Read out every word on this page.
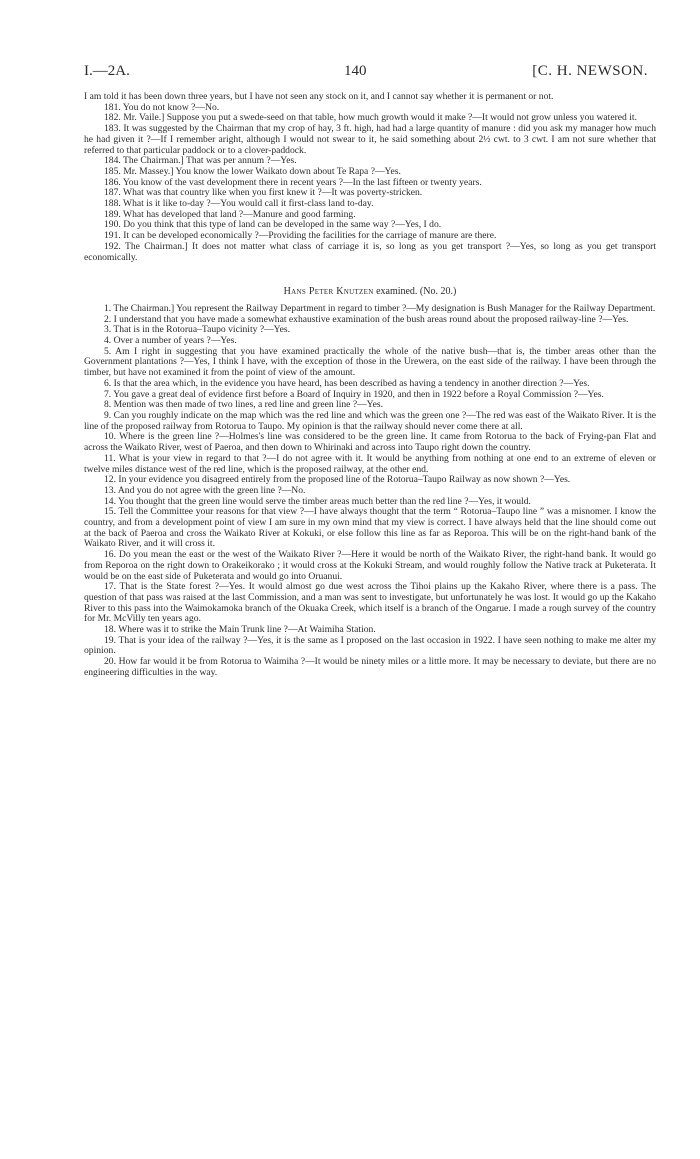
I.—2A.	140	[C. H. NEWSON.

I am told it has been down three years, but I have not seen any stock on it, and I cannot say whether it is permanent or not.

181. You do not know ?—No.

182. Mr. Vaile.] Suppose you put a swede-seed on that table, how much growth would it make ?—It would not grow unless you watered it.

183. It was suggested by the Chairman that my crop of hay, 3 ft. high, had had a large quantity of manure : did you ask my manager how much he had given it ?—If I remember aright, although I would not swear to it, he said something about 2½ cwt. to 3 cwt. I am not sure whether that referred to that particular paddock or to a clover-paddock.

184. The Chairman.] That was per annum ?—Yes.

185. Mr. Massey.] You know the lower Waikato down about Te Rapa ?—Yes.

186. You know of the vast development there in recent years ?—In the last fifteen or twenty years.

187. What was that country like when you first knew it ?—It was poverty-stricken.

188. What is it like to-day ?—You would call it first-class land to-day.

189. What has developed that land ?—Manure and good farming.

190. Do you think that this type of land can be developed in the same way ?—Yes, I do.

191. It can be developed economically ?—Providing the facilities for the carriage of manure are there.

192. The Chairman.] It does not matter what class of carriage it is, so long as you get transport ?—Yes, so long as you get transport economically.

Hans Peter Knutzen examined. (No. 20.)

1. The Chairman.] You represent the Railway Department in regard to timber ?—My designation is Bush Manager for the Railway Department.

2. I understand that you have made a somewhat exhaustive examination of the bush areas round about the proposed railway-line ?—Yes.

3. That is in the Rotorua–Taupo vicinity ?—Yes.

4. Over a number of years ?—Yes.

5. Am I right in suggesting that you have examined practically the whole of the native bush—that is, the timber areas other than the Government plantations ?—Yes, I think I have, with the exception of those in the Urewera, on the east side of the railway. I have been through the timber, but have not examined it from the point of view of the amount.

6. Is that the area which, in the evidence you have heard, has been described as having a tendency in another direction ?—Yes.

7. You gave a great deal of evidence first before a Board of Inquiry in 1920, and then in 1922 before a Royal Commission ?—Yes.

8. Mention was then made of two lines, a red line and green line ?—Yes.

9. Can you roughly indicate on the map which was the red line and which was the green one ?—The red was east of the Waikato River. It is the line of the proposed railway from Rotorua to Taupo. My opinion is that the railway should never come there at all.

10. Where is the green line ?—Holmes's line was considered to be the green line. It came from Rotorua to the back of Frying-pan Flat and across the Waikato River, west of Paeroa, and then down to Whirinaki and across into Taupo right down the country.

11. What is your view in regard to that ?—I do not agree with it. It would be anything from nothing at one end to an extreme of eleven or twelve miles distance west of the red line, which is the proposed railway, at the other end.

12. In your evidence you disagreed entirely from the proposed line of the Rotorua–Taupo Railway as now shown ?—Yes.

13. And you do not agree with the green line ?—No.

14. You thought that the green line would serve the timber areas much better than the red line ?—Yes, it would.

15. Tell the Committee your reasons for that view ?—I have always thought that the term “ Rotorua–Taupo line ” was a misnomer. I know the country, and from a development point of view I am sure in my own mind that my view is correct. I have always held that the line should come out at the back of Paeroa and cross the Waikato River at Kokuki, or else follow this line as far as Reporoa. This will be on the right-hand bank of the Waikato River, and it will cross it.

16. Do you mean the east or the west of the Waikato River ?—Here it would be north of the Waikato River, the right-hand bank. It would go from Reporoa on the right down to Orakeikorako ; it would cross at the Kokuki Stream, and would roughly follow the Native track at Puketerata. It would be on the east side of Puketerata and would go into Oruanui.

17. That is the State forest ?—Yes. It would almost go due west across the Tihoi plains up the Kakaho River, where there is a pass. The question of that pass was raised at the last Commission, and a man was sent to investigate, but unfortunately he was lost. It would go up the Kakaho River to this pass into the Waimokamoka branch of the Okuaka Creek, which itself is a branch of the Ongarue. I made a rough survey of the country for Mr. McVilly ten years ago.

18. Where was it to strike the Main Trunk line ?—At Waimiha Station.

19. That is your idea of the railway ?—Yes, it is the same as I proposed on the last occasion in 1922. I have seen nothing to make me alter my opinion.

20. How far would it be from Rotorua to Waimiha ?—It would be ninety miles or a little more. It may be necessary to deviate, but there are no engineering difficulties in the way.
